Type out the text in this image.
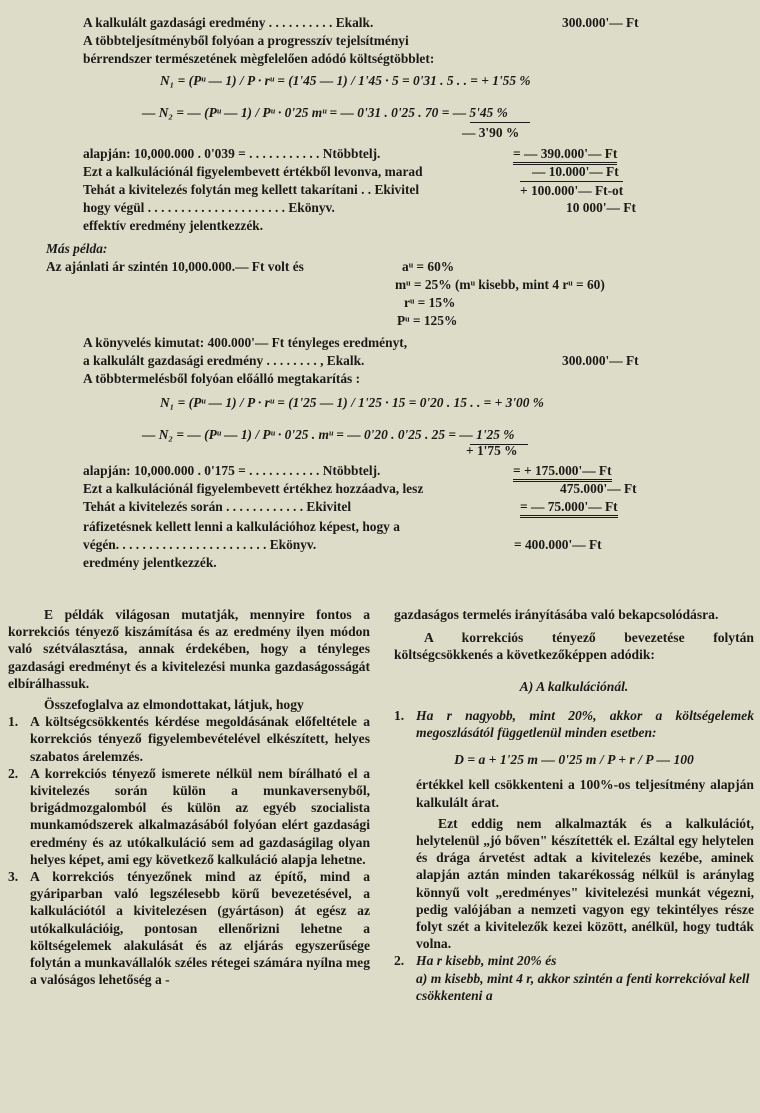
A kalkulált gazdasági eredmény . . . . . . . . . . Ekalk.	300.000'— Ft
A többteljesítményből folyóan a progresszív tejelsítményi
bérrendszer természetének mègfelelően adódó költségtöbblet:
N₁ = (Pᵘ — 1) / P · rᵘ = (1'45 — 1) / 1'45 · 5 = 0'31 . 5 . . = + 1'55 %
— N₂ = — (Pᵘ — 1) / Pᵘ · 0'25 mᵘ = — 0'31 . 0'25 . 70 = — 5'45 %
— 3'90 %
alapján: 10,000.000 . 0'039 = . . . . . . . . . . . Ntöbbtelj.	= — 390.000'— Ft
Ezt a kalkulációnál figyelembevett értékből levonva, marad	— 10.000'— Ft
Tehát a kivitelezés folytán meg kellett takarítani . . Ekivitel	+ 100.000'— Ft-ot
hogy végül . . . . . . . . . . . . . . . . . . . . . Ekönyv.	10 000'— Ft
effektív eredmény jelentkezzék.
Más példa:
Az ajánlati ár szintén 10,000.000.— Ft volt és	aᵘ = 60%
mᵘ = 25% (mᵘ kisebb, mint 4 rᵘ = 60)
rᵘ = 15%
Pᵘ = 125%
A könyvelés kimutat: 400.000'— Ft tényleges eredményt,
a kalkulált gazdasági eredmény . . . . . . . . , Ekalk.	300.000'— Ft
A többtermelésből folyóan előálló megtakarítás :
N₁ = (Pᵘ — 1) / P · rᵘ = (1'25 — 1) / 1'25 · 15 = 0'20 . 15 . . = + 3'00 %
— N₂ = — (Pᵘ — 1) / Pᵘ · 0'25 . mᵘ = — 0'20 . 0'25 . 25 = — 1'25 %
+ 1'75 %
alapján: 10,000.000 . 0'175 = . . . . . . . . . . . Ntöbbtelj.	= + 175.000'— Ft
Ezt a kalkulációnál figyelembevett értékhez hozzáadva, lesz	475.000'— Ft
Tehát a kivitelezés során . . . . . . . . . . . . Ekivitel	= — 75.000'— Ft
ráfizetésnek kellett lenni a kalkulációhoz képest, hogy a
végén. . . . . . . . . . . . . . . . . . . . . . . Ekönyv.	= 400.000'— Ft
eredmény jelentkezzék.

E példák világosan mutatják, mennyire fontos a korrekciós tényező kiszámítása és az eredmény ilyen módon való szétválasztása, annak érdekében, hogy a tényleges gazdasági eredményt és a kivitelezési munka gazdaságosságát elbírálhassuk.

Összefoglalva az elmondottakat, látjuk, hogy

1. A költségcsökkentés kérdése megoldásának előfeltétele a korrekciós tényező figyelembevételével elkészített, helyes szabatos árelemzés.
2. A korrekciós tényező ismerete nélkül nem bírálható el a kivitelezés során külön a munkaversenyből, brigádmozgalomból és külön az egyéb szocialista munkamódszerek alkalmazásából folyóan elért gazdasági eredmény és az utókalkuláció sem ad gazdaságilag olyan helyes képet, ami egy következő kalkuláció alapja lehetne.
3. A korrekciós tényezőnek mind az építő, mind a gyáriparban való legszélesebb körű bevezetésével, a kalkulációtól a kivitelezésen (gyártáson) át egész az utókalkulációig, pontosan ellenőrizni lehetne a költségelemek alakulását és az eljárás egyszerűsége folytán a munkavállalók széles rétegei számára nyílna meg a valóságos lehetőség a -

gazdaságos termelés irányításába való bekapcsolódásra.

A korrekciós tényező bevezetése folytán költségcsökkenés a következőképpen adódik:

A) A kalkulációnál.

1. Ha r nagyobb, mint 20%, akkor a költségelemek megoszlásától függetlenül minden esetben:
D = a + 1'25 m — 0'25 m / P + r / P — 100

értékkel kell csökkenteni a 100%-os teljesítmény alapján kalkulált árat.

Ezt eddig nem alkalmazták és a kalkulációt, helytelenül „jó bőven" készítették el. Ezáltal egy helytelen és drága árvetést adtak a kivitelezés kezébe, aminek alapján aztán minden takarékosság nélkül is aránylag könnyű volt „eredményes" kivitelezési munkát végezni, pedig valójában a nemzeti vagyon egy tekintélyes része folyt szét a kivitelezők kezei között, anélkül, hogy tudták volna.

2. Ha r kisebb, mint 20% és

a) m kisebb, mint 4 r, akkor szintén a fenti korrekcióval kell csökkenteni a
